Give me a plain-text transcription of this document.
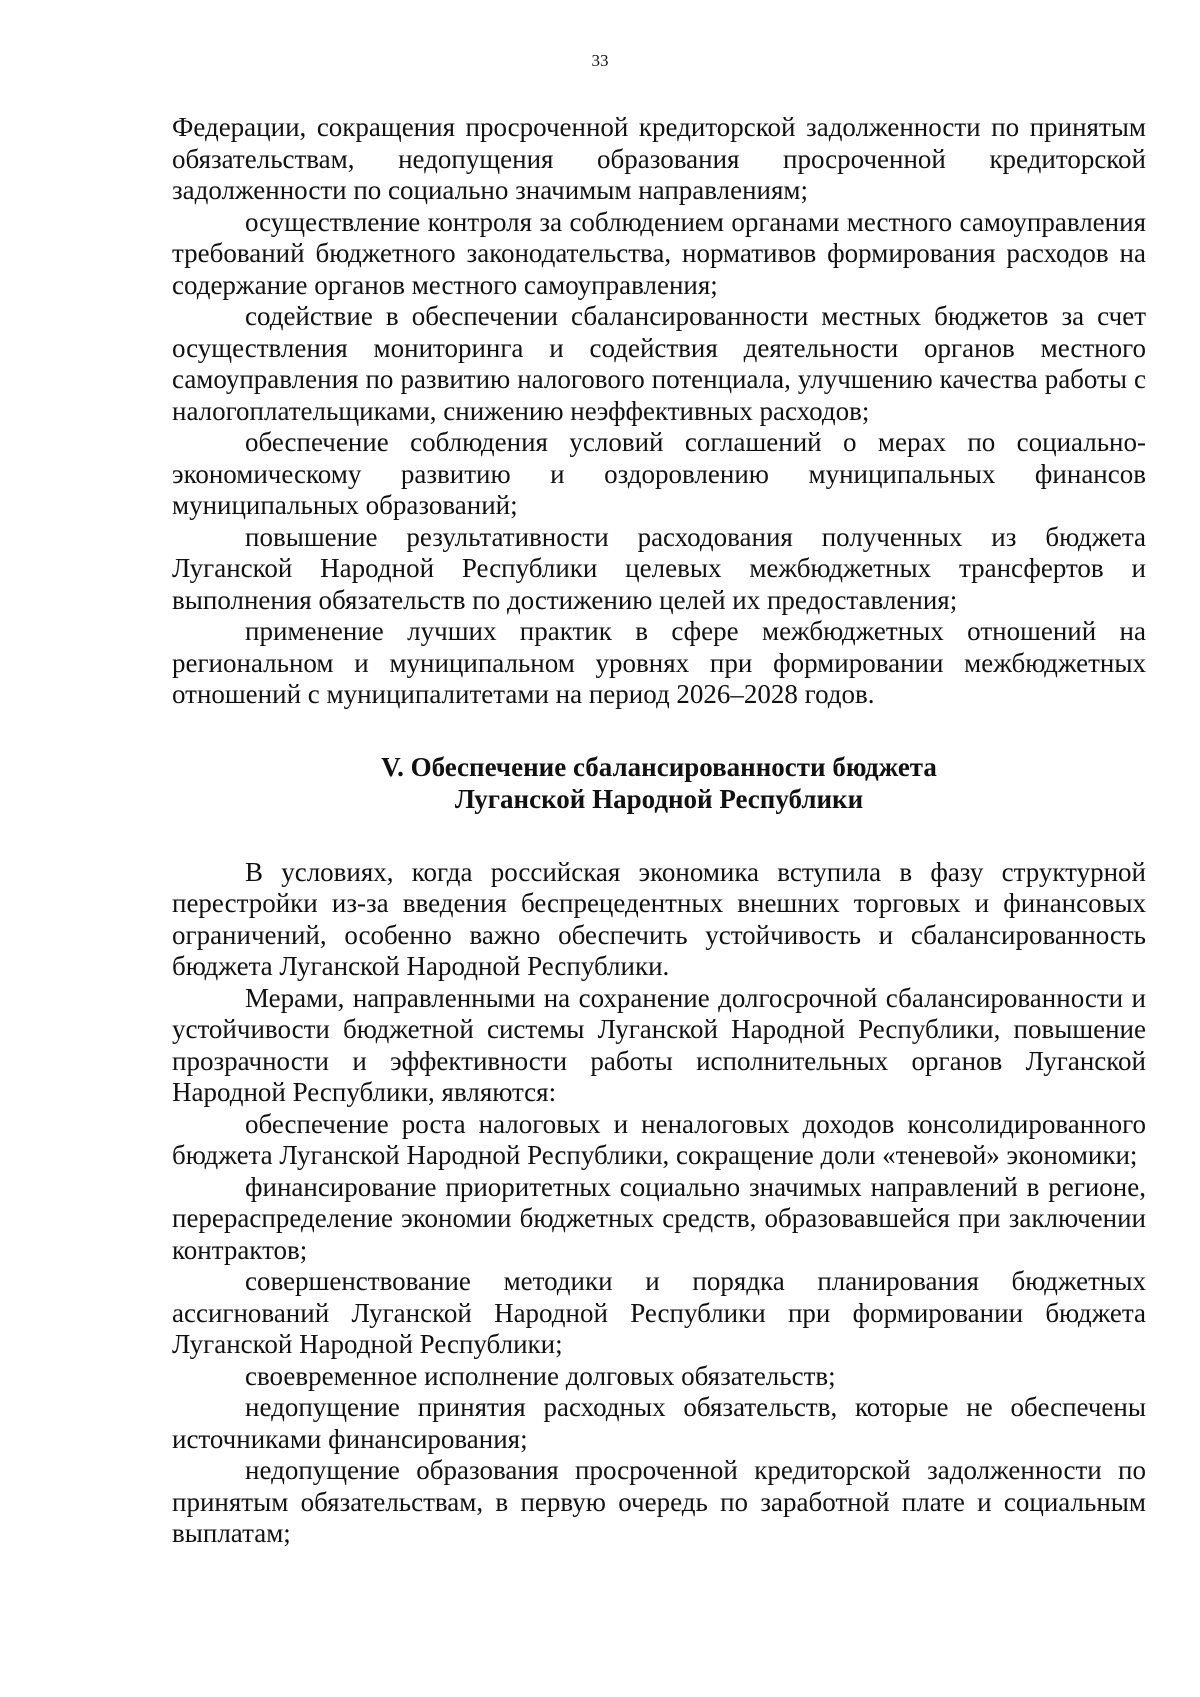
33

Федерации, сокращения просроченной кредиторской задолженности по принятым обязательствам, недопущения образования просроченной кредиторской задолженности по социально значимым направлениям;

осуществление контроля за соблюдением органами местного самоуправления требований бюджетного законодательства, нормативов формирования расходов на содержание органов местного самоуправления;

содействие в обеспечении сбалансированности местных бюджетов за счет осуществления мониторинга и содействия деятельности органов местного самоуправления по развитию налогового потенциала, улучшению качества работы с налогоплательщиками, снижению неэффективных расходов;

обеспечение соблюдения условий соглашений о мерах по социально-экономическому развитию и оздоровлению муниципальных финансов муниципальных образований;

повышение результативности расходования полученных из бюджета Луганской Народной Республики целевых межбюджетных трансфертов и выполнения обязательств по достижению целей их предоставления;

применение лучших практик в сфере межбюджетных отношений на региональном и муниципальном уровнях при формировании межбюджетных отношений с муниципалитетами на период 2026–2028 годов.

V. Обеспечение сбалансированности бюджета
Луганской Народной Республики

В условиях, когда российская экономика вступила в фазу структурной перестройки из-за введения беспрецедентных внешних торговых и финансовых ограничений, особенно важно обеспечить устойчивость и сбалансированность бюджета Луганской Народной Республики.

Мерами, направленными на сохранение долгосрочной сбалансированности и устойчивости бюджетной системы Луганской Народной Республики, повышение прозрачности и эффективности работы исполнительных органов Луганской Народной Республики, являются:

обеспечение роста налоговых и неналоговых доходов консолидированного бюджета Луганской Народной Республики, сокращение доли «теневой» экономики;

финансирование приоритетных социально значимых направлений в регионе, перераспределение экономии бюджетных средств, образовавшейся при заключении контрактов;

совершенствование методики и порядка планирования бюджетных ассигнований Луганской Народной Республики при формировании бюджета Луганской Народной Республики;

своевременное исполнение долговых обязательств;

недопущение принятия расходных обязательств, которые не обеспечены источниками финансирования;

недопущение образования просроченной кредиторской задолженности по принятым обязательствам, в первую очередь по заработной плате и социальным выплатам;
